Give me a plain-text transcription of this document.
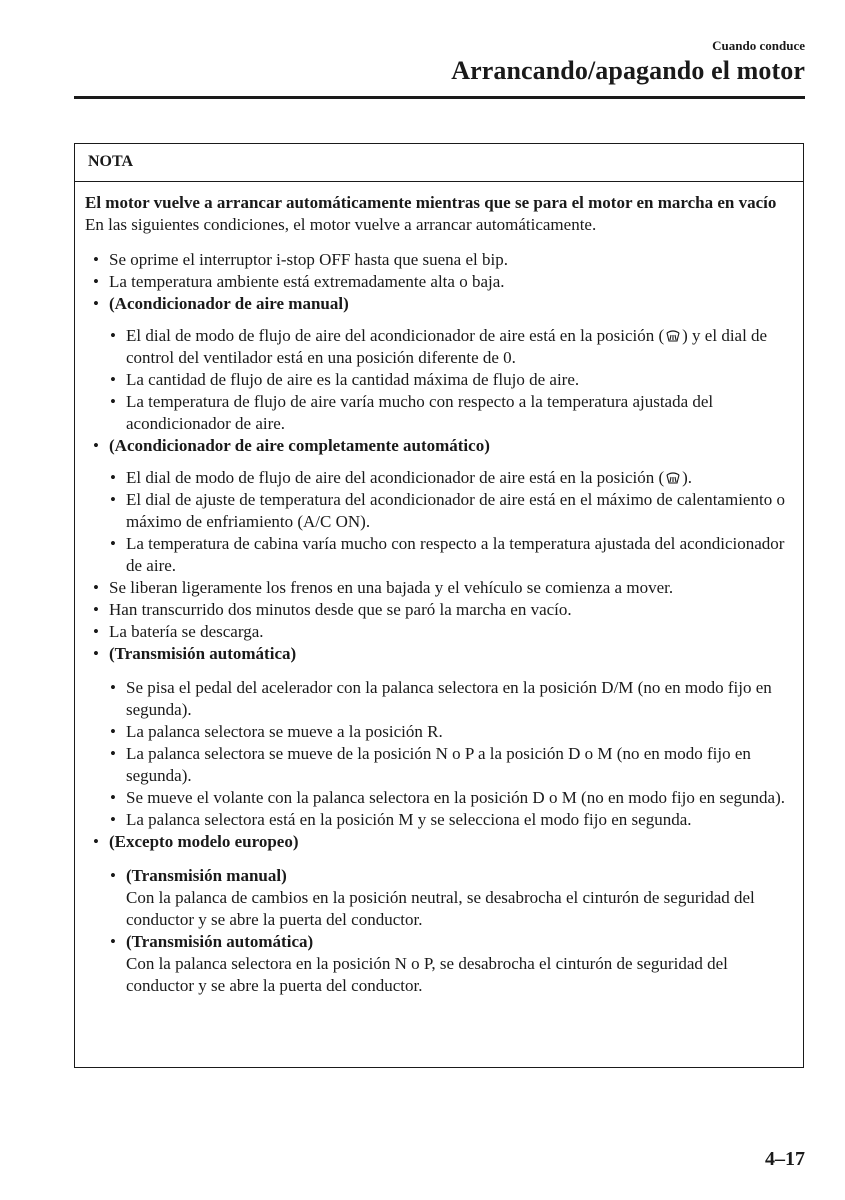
Cuando conduce
Arrancando/apagando el motor
NOTA
El motor vuelve a arrancar automáticamente mientras que se para el motor en marcha en vacío
En las siguientes condiciones, el motor vuelve a arrancar automáticamente.
• Se oprime el interruptor i-stop OFF hasta que suena el bip.
• La temperatura ambiente está extremadamente alta o baja.
• (Acondicionador de aire manual)
• El dial de modo de flujo de aire del acondicionador de aire está en la posición ( ) y el dial de control del ventilador está en una posición diferente de 0.
• La cantidad de flujo de aire es la cantidad máxima de flujo de aire.
• La temperatura de flujo de aire varía mucho con respecto a la temperatura ajustada del acondicionador de aire.
• (Acondicionador de aire completamente automático)
• El dial de modo de flujo de aire del acondicionador de aire está en la posición ( ).
• El dial de ajuste de temperatura del acondicionador de aire está en el máximo de calentamiento o máximo de enfriamiento (A/C ON).
• La temperatura de cabina varía mucho con respecto a la temperatura ajustada del acondicionador de aire.
• Se liberan ligeramente los frenos en una bajada y el vehículo se comienza a mover.
• Han transcurrido dos minutos desde que se paró la marcha en vacío.
• La batería se descarga.
• (Transmisión automática)
• Se pisa el pedal del acelerador con la palanca selectora en la posición D/M (no en modo fijo en segunda).
• La palanca selectora se mueve a la posición R.
• La palanca selectora se mueve de la posición N o P a la posición D o M (no en modo fijo en segunda).
• Se mueve el volante con la palanca selectora en la posición D o M (no en modo fijo en segunda).
• La palanca selectora está en la posición M y se selecciona el modo fijo en segunda.
• (Excepto modelo europeo)
• (Transmisión manual)
Con la palanca de cambios en la posición neutral, se desabrocha el cinturón de seguridad del conductor y se abre la puerta del conductor.
• (Transmisión automática)
Con la palanca selectora en la posición N o P, se desabrocha el cinturón de seguridad del conductor y se abre la puerta del conductor.
4–17
